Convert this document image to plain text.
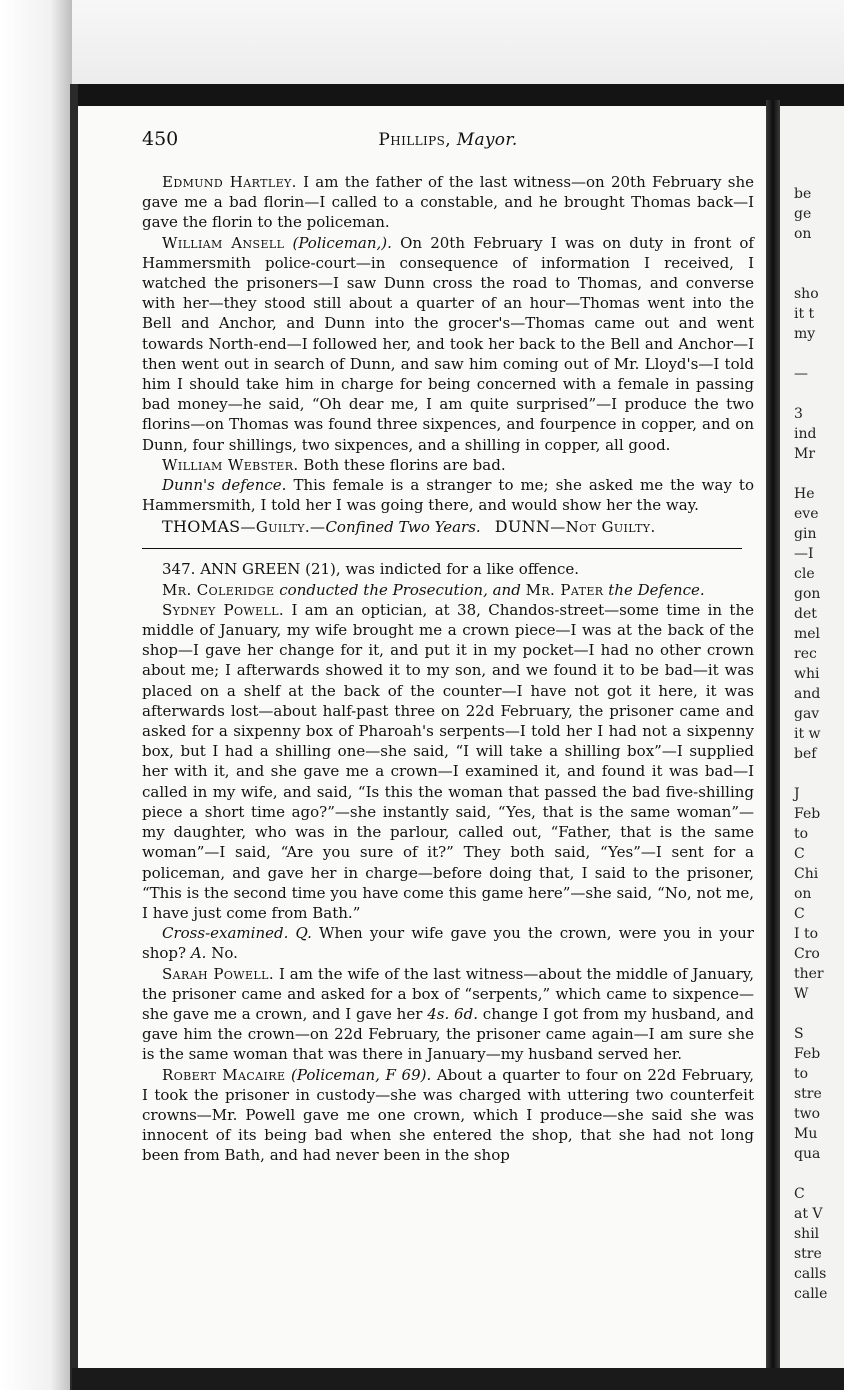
be
ge
on
sho
it t
my
—
3
ind
Mr
He
eve
gin
—I
cle
gon
det
mel
rec
whi
and
gav
it w
bef
J
Feb
to
C
Chi
on
C
I to
Cro
ther
W
S
Feb
to
stre
two
Mu
qua
C
at V
shil
stre
calls
calle
450	Phillips, Mayor.

Edmund Hartley. I am the father of the last witness—on 20th February she gave me a bad florin—I called to a constable, and he brought Thomas back—I gave the florin to the policeman.

William Ansell (Policeman,). On 20th February I was on duty in front of Hammersmith police-court—in consequence of information I received, I watched the prisoners—I saw Dunn cross the road to Thomas, and converse with her—they stood still about a quarter of an hour—Thomas went into the Bell and Anchor, and Dunn into the grocer's—Thomas came out and went towards North-end—I followed her, and took her back to the Bell and Anchor—I then went out in search of Dunn, and saw him coming out of Mr. Lloyd's—I told him I should take him in charge for being concerned with a female in passing bad money—he said, “Oh dear me, I am quite surprised”—I produce the two florins—on Thomas was found three sixpences, and fourpence in copper, and on Dunn, four shillings, two sixpences, and a shilling in copper, all good.

William Webster. Both these florins are bad.

Dunn's defence. This female is a stranger to me; she asked me the way to Hammersmith, I told her I was going there, and would show her the way.

THOMAS—Guilty.—Confined Two Years. DUNN—Not Guilty.

347. ANN GREEN (21), was indicted for a like offence.

Mr. Coleridge conducted the Prosecution, and Mr. Pater the Defence.

Sydney Powell. I am an optician, at 38, Chandos-street—some time in the middle of January, my wife brought me a crown piece—I was at the back of the shop—I gave her change for it, and put it in my pocket—I had no other crown about me; I afterwards showed it to my son, and we found it to be bad—it was placed on a shelf at the back of the counter—I have not got it here, it was afterwards lost—about half-past three on 22d February, the prisoner came and asked for a sixpenny box of Pharoah's serpents—I told her I had not a sixpenny box, but I had a shilling one—she said, “I will take a shilling box”—I supplied her with it, and she gave me a crown—I examined it, and found it was bad—I called in my wife, and said, “Is this the woman that passed the bad five-shilling piece a short time ago?”—she instantly said, “Yes, that is the same woman”—my daughter, who was in the parlour, called out, “Father, that is the same woman”—I said, “Are you sure of it?” They both said, “Yes”—I sent for a policeman, and gave her in charge—before doing that, I said to the prisoner, “This is the second time you have come this game here”—she said, “No, not me, I have just come from Bath.”

Cross-examined. Q. When your wife gave you the crown, were you in your shop? A. No.

Sarah Powell. I am the wife of the last witness—about the middle of January, the prisoner came and asked for a box of “serpents,” which came to sixpence—she gave me a crown, and I gave her 4s. 6d. change I got from my husband, and gave him the crown—on 22d February, the prisoner came again—I am sure she is the same woman that was there in January—my husband served her.

Robert Macaire (Policeman, F 69). About a quarter to four on 22d February, I took the prisoner in custody—she was charged with uttering two counterfeit crowns—Mr. Powell gave me one crown, which I produce—she said she was innocent of its being bad when she entered the shop, that she had not long been from Bath, and had never been in the shop
